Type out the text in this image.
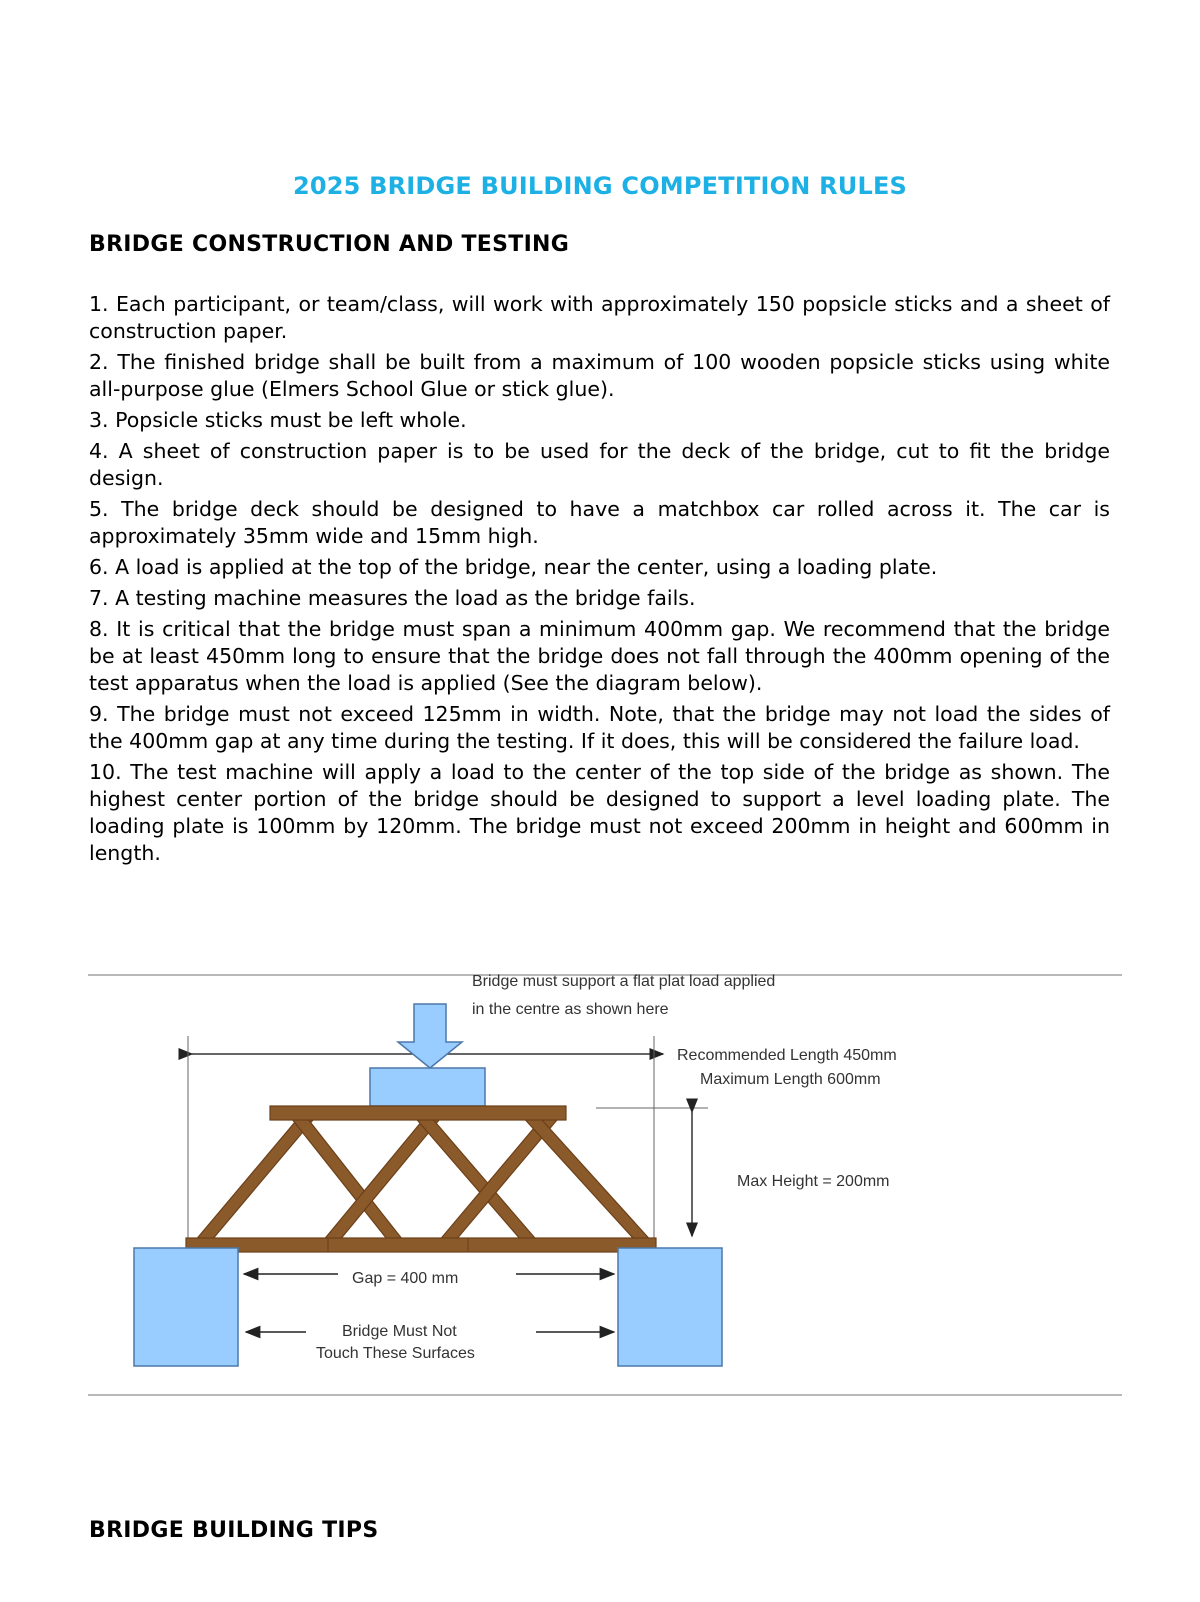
2025 BRIDGE BUILDING COMPETITION RULES
BRIDGE CONSTRUCTION AND TESTING
1. Each participant, or team/class, will work with approximately 150 popsicle sticks and a sheet of construction paper.
2. The finished bridge shall be built from a maximum of 100 wooden popsicle sticks using white all-purpose glue (Elmers School Glue or stick glue).
3. Popsicle sticks must be left whole.
4. A sheet of construction paper is to be used for the deck of the bridge, cut to fit the bridge design.
5. The bridge deck should be designed to have a matchbox car rolled across it. The car is approximately 35mm wide and 15mm high.
6. A load is applied at the top of the bridge, near the center, using a loading plate.
7. A testing machine measures the load as the bridge fails.
8. It is critical that the bridge must span a minimum 400mm gap. We recommend that the bridge be at least 450mm long to ensure that the bridge does not fall through the 400mm opening of the test apparatus when the load is applied (See the diagram below).
9. The bridge must not exceed 125mm in width. Note, that the bridge may not load the sides of the 400mm gap at any time during the testing. If it does, this will be considered the failure load.
10. The test machine will apply a load to the center of the top side of the bridge as shown. The highest center portion of the bridge should be designed to support a level loading plate. The loading plate is 100mm by 120mm. The bridge must not exceed 200mm in height and 600mm in length.
Bridge must support a flat plat load applied
in the centre as shown here
Recommended Length 450mm
Maximum Length 600mm
Max Height = 200mm
Gap = 400 mm
Bridge Must Not
Touch These Surfaces
BRIDGE BUILDING TIPS
